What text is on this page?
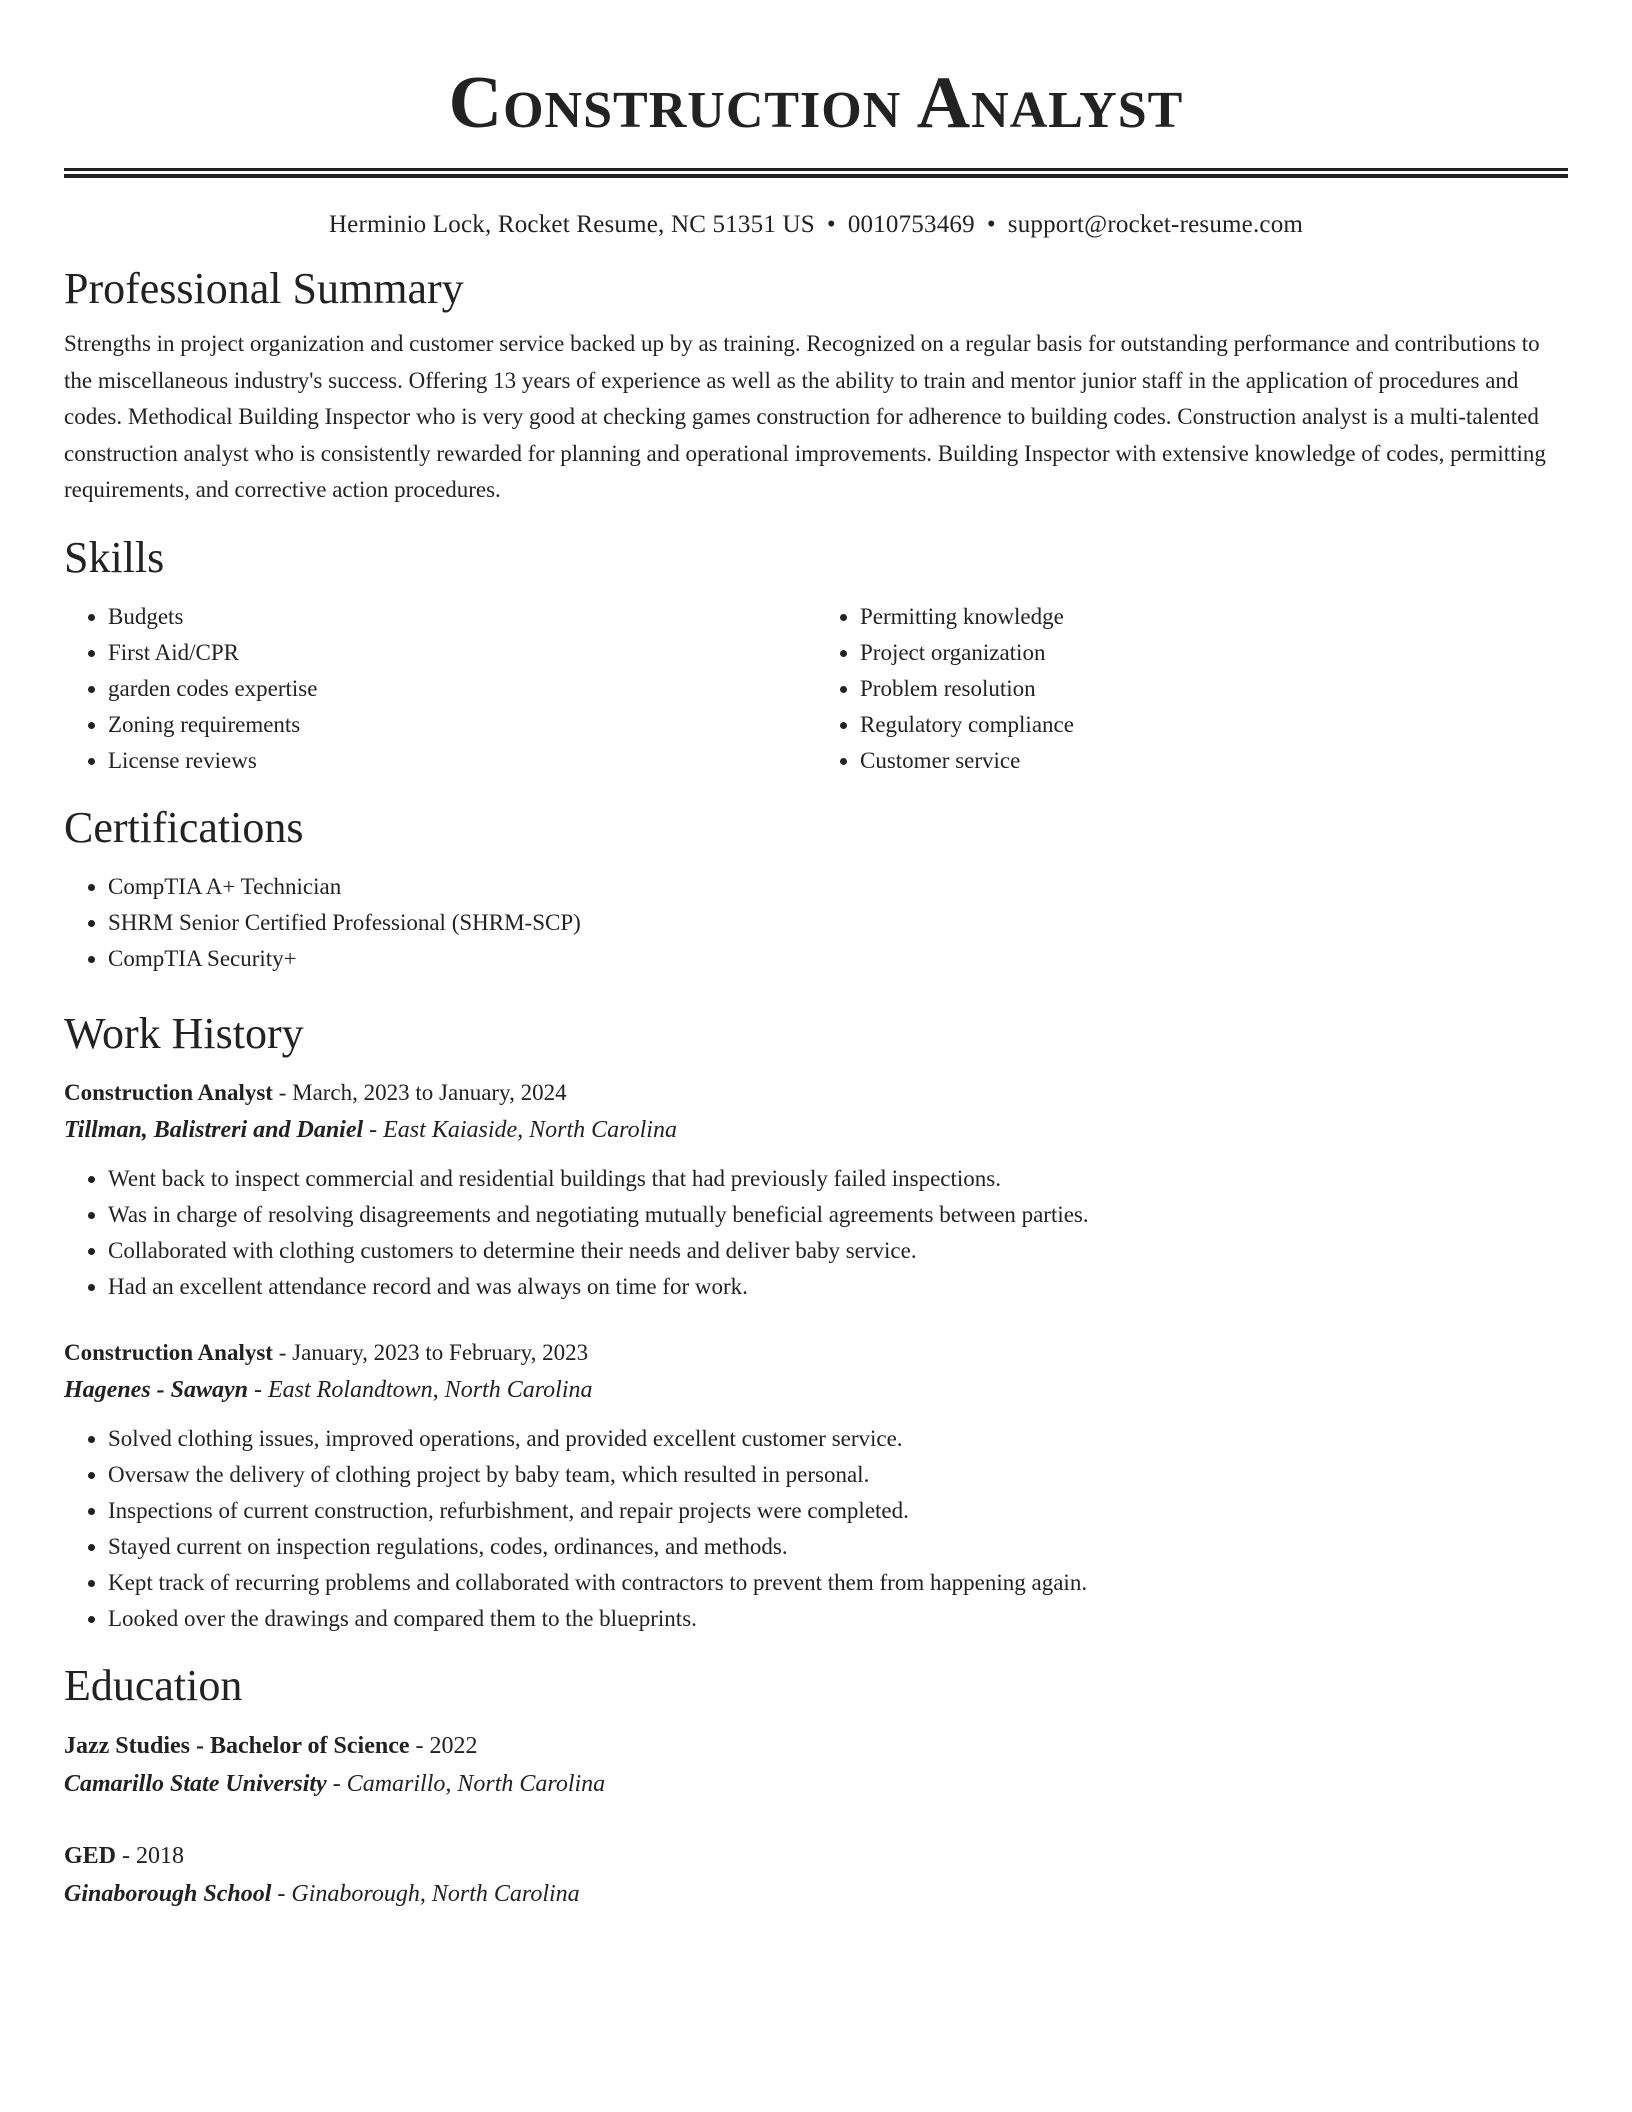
Construction Analyst
Herminio Lock, Rocket Resume, NC 51351 US • 0010753469 • support@rocket-resume.com
Professional Summary

Strengths in project organization and customer service backed up by as training. Recognized on a regular basis for outstanding performance and contributions to the miscellaneous industry's success. Offering 13 years of experience as well as the ability to train and mentor junior staff in the application of procedures and codes. Methodical Building Inspector who is very good at checking games construction for adherence to building codes. Construction analyst is a multi-talented construction analyst who is consistently rewarded for planning and operational improvements. Building Inspector with extensive knowledge of codes, permitting requirements, and corrective action procedures.

Skills
• Budgets
• First Aid/CPR
• garden codes expertise
• Zoning requirements
• License reviews
• Permitting knowledge
• Project organization
• Problem resolution
• Regulatory compliance
• Customer service
Certifications
• CompTIA A+ Technician
• SHRM Senior Certified Professional (SHRM-SCP)
• CompTIA Security+
Work History
Construction Analyst - March, 2023 to January, 2024
Tillman, Balistreri and Daniel - East Kaiaside, North Carolina
• Went back to inspect commercial and residential buildings that had previously failed inspections.
• Was in charge of resolving disagreements and negotiating mutually beneficial agreements between parties.
• Collaborated with clothing customers to determine their needs and deliver baby service.
• Had an excellent attendance record and was always on time for work.
Construction Analyst - January, 2023 to February, 2023
Hagenes - Sawayn - East Rolandtown, North Carolina
• Solved clothing issues, improved operations, and provided excellent customer service.
• Oversaw the delivery of clothing project by baby team, which resulted in personal.
• Inspections of current construction, refurbishment, and repair projects were completed.
• Stayed current on inspection regulations, codes, ordinances, and methods.
• Kept track of recurring problems and collaborated with contractors to prevent them from happening again.
• Looked over the drawings and compared them to the blueprints.
Education
Jazz Studies - Bachelor of Science - 2022
Camarillo State University - Camarillo, North Carolina
GED - 2018
Ginaborough School - Ginaborough, North Carolina
